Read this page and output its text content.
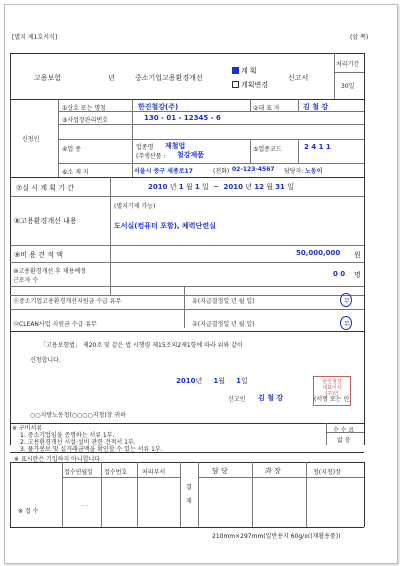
[별지 제1호서식]	(앞 쪽)
고용보험	년	중소기업고용환경개선
계 획
계획변경
신고서
처리기간
30일
신청인
①상호 또는 명칭	한진철강(주)	②대 표 자	김 철 강
③사업장관리번호	130 - 01 - 12345 - 6
④업 종	업종명 제철업
(주생산품 : 철강제품
⑤업종코드	2 4 1 1
⑥소 재 지	서울시 중구 세종로17	(전화) 02-123-4567 담당자: 노동이
⑦실 시 계 획 기 간	2010 년 1 월 1 일 ~ 2010 년 12 월 31 일
⑧고용환경개선 내용
(별지기재 가능)
도서실(컴퓨터 포함), 체력단련실
⑨비 용 견 적 액	50,000,000 원
⑩고용환경개선 후 채용예정
근로자 수
0 0 명
⑪중소기업고용환경개선지원금 수급 유무	유(지급결정일 년 월 일)	무
⑫CLEAN사업 지원금 수급 유무	유(지급결정일 년 월 일)	무
「고용보험법」 제20조 및 같은 법 시행령 제15조의2제1항에 따라 위와 같이
신청합니다.
2010년 1월 1일
신고인 김 철 강	(서명 또는 인)
한진철강
대표이사
(주)인
○○지방노동청(○○○○지청)장 귀하
※ 구비서류
1. 중소기업임을 증명하는 서류 1부.
2. 고용환경개선 시설·설비 관련 견적서 1부.
3. 풀가봉보 및 실거래금액을 확인할 수 있는 서류 1부.
수 수 료
없 음
※ 표시란은 기입하지 아니합니다.
※ 접 수
접수연월일 접수번호 처리부서
결
재
담 당	과 장	청(지청)장
. .
210mm×297mm(일반용지 60g/㎡(재활용품))
